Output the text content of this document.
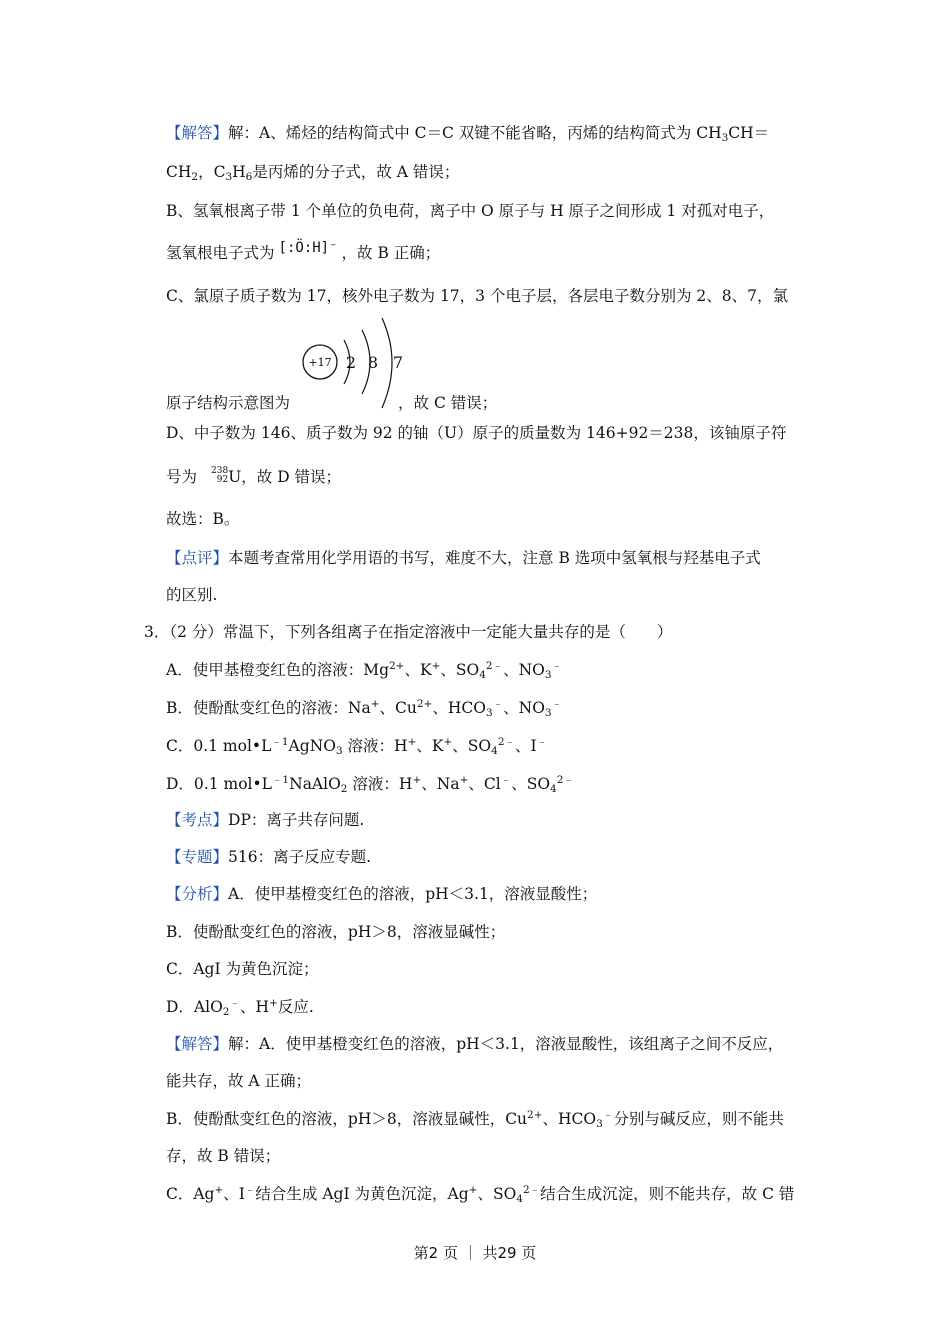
【解答】解：A、烯烃的结构简式中 C＝C 双键不能省略，丙烯的结构简式为 $CH_3CH=$
$CH_2$，$C_3H_6$是丙烯的分子式，故 A 错误；
B、氢氧根离子带 1 个单位的负电荷，离子中 O 原子与 H 原子之间形成 1 对孤对电子，
氢氧根电子式为 [:Ö:H]⁻ ，故 B 正确；
C、氯原子质子数为 17，核外电子数为 17，3 个电子层，各层电子数分别为 2、8、7，氯
+17 2 8 7
原子结构示意图为	，故 C 错误；
D、中子数为 146、质子数为 92 的铀（U）原子的质量数为 146+92＝238，该铀原子符
号为 238
92 U，故 D 错误；
故选：B。
【点评】本题考查常用化学用语的书写，难度不大，注意 B 选项中氢氧根与羟基电子式
的区别.
3．（2 分）常温下，下列各组离子在指定溶液中一定能大量共存的是（　　）
A．使甲基橙变红色的溶液：$Mg^{2+}$、K+、$SO_4^{2﹣}$、$NO_3^﹣$
B．使酚酞变红色的溶液：Na+、$Cu^{2+}$、$HCO_3^﹣$、$NO_3^﹣$
C．0.1 $mol•L^{﹣1}AgNO_3$ 溶液：H+、K+、$SO_4^{2﹣}$、I﹣
D．0.1 $mol•L^{﹣1}NaAlO_2$ 溶液：H+、Na+、Cl﹣、$SO_4^{2﹣}$
【考点】DP：离子共存问题.
【专题】516：离子反应专题.
【分析】A．使甲基橙变红色的溶液，pH＜3.1，溶液显酸性；
B．使酚酞变红色的溶液，pH＞8，溶液显碱性；
C．AgI 为黄色沉淀；
D．AlO$_2$﹣、H+反应.
【解答】解：A．使甲基橙变红色的溶液，pH＜3.1，溶液显酸性，该组离子之间不反应，
能共存，故 A 正确；
B．使酚酞变红色的溶液，pH＞8，溶液显碱性，$Cu^{2+}$、$HCO_3^﹣$分别与碱反应，则不能共
存，故 B 错误；
C．Ag+、I﹣结合生成 AgI 为黄色沉淀，Ag+、$SO_4^{2﹣}$结合生成沉淀，则不能共存，故 C 错
第2 页 ｜ 共29 页
